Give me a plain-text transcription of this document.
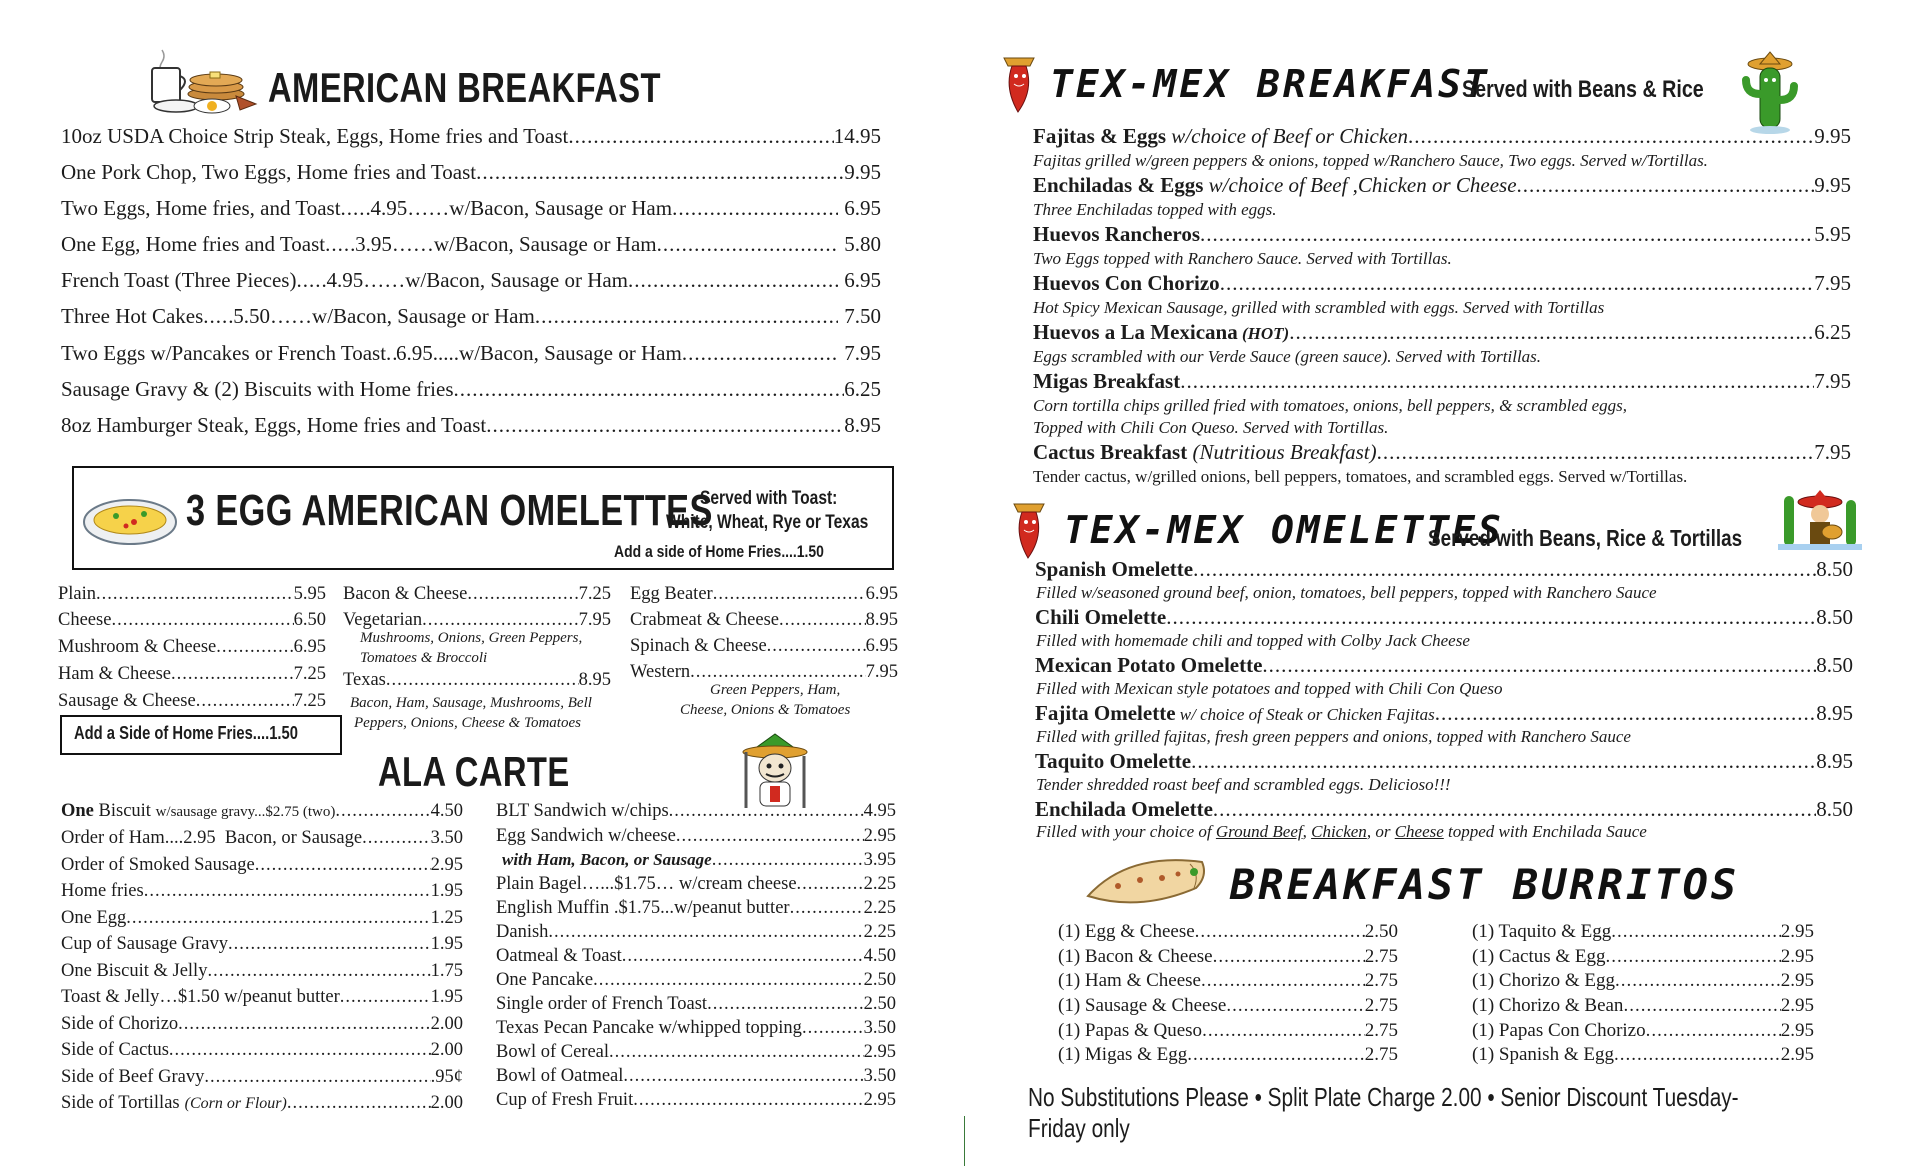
AMERICAN BREAKFAST
10oz USDA Choice Strip Steak, Eggs, Home fries and Toast .....	14.95
One Pork Chop, Two Eggs, Home fries and Toast .....	9.95
Two Eggs, Home fries, and Toast ..... 4.95……w/Bacon, Sausage or Ham .....	6.95
One Egg, Home fries and Toast ..... 3.95……w/Bacon, Sausage or Ham .....	5.80
French Toast (Three Pieces) ..... 4.95……w/Bacon, Sausage or Ham .....	6.95
Three Hot Cakes ..... 5.50……w/Bacon, Sausage or Ham .....	7.50
Two Eggs w/Pancakes or French Toast ..... 6.95.....w/Bacon, Sausage or Ham .....	7.95
Sausage Gravy & (2) Biscuits with Home fries .....	6.25
8oz Hamburger Steak, Eggs, Home fries and Toast .....	8.95
3 EGG AMERICAN OMELETTES
Served with Toast:
White, Wheat, Rye or Texas
Add a side of Home Fries....1.50
Plain .....	5.95
Cheese .....	6.50
Mushroom & Cheese .....	6.95
Ham & Cheese .....	7.25
Sausage & Cheese .....	7.25
Bacon & Cheese .....	7.25
Vegetarian .....	7.95
Texas .....	8.95
Egg Beater .....	6.95
Crabmeat & Cheese .....	8.95
Spinach & Cheese .....	6.95
Western .....	7.95
Mushrooms, Onions, Green Peppers,
Tomatoes & Broccoli
Bacon, Ham, Sausage, Mushrooms, Bell
Peppers, Onions, Cheese & Tomatoes
Green Peppers, Ham,
Cheese, Onions & Tomatoes
Add a Side of Home Fries....1.50
ALA CARTE
One Biscuit w/sausage gravy...$2.75 (two) .....	4.50
Order of Ham....2.95  Bacon, or Sausage .....	3.50
Order of Smoked Sausage .....	2.95
Home fries .....	1.95
One Egg .....	1.25
Cup of Sausage Gravy .....	1.95
One Biscuit & Jelly .....	1.75
Toast & Jelly…$1.50 w/peanut butter .....	1.95
Side of Chorizo .....	2.00
Side of Cactus .....	2.00
Side of Beef Gravy .....	.95¢
Side of Tortillas (Corn or Flour) .....	2.00
BLT Sandwich w/chips .....	4.95
Egg Sandwich w/cheese .....	2.95
with Ham, Bacon, or Sausage .....	3.95
Plain Bagel…...$1.75… w/cream cheese .....	2.25
English Muffin .$1.75...w/peanut butter .....	2.25
Danish .....	2.25
Oatmeal & Toast .....	4.50
One Pancake .....	2.50
Single order of French Toast .....	2.50
Texas Pecan Pancake w/whipped topping .....	3.50
Bowl of Cereal .....	2.95
Bowl of Oatmeal .....	3.50
Cup of Fresh Fruit .....	2.95
TEX-MEX BREAKFAST
Served with Beans & Rice
Fajitas & Eggs w/choice of Beef or Chicken .....	9.95
Fajitas grilled w/green peppers & onions, topped w/Ranchero Sauce, Two eggs. Served w/Tortillas.
Enchiladas & Eggs w/choice of Beef ,Chicken or Cheese .....	9.95
Three Enchiladas topped with eggs.
Huevos Rancheros .....	5.95
Two Eggs topped with Ranchero Sauce. Served with Tortillas.
Huevos Con Chorizo .....	7.95
Hot Spicy Mexican Sausage, grilled with scrambled with eggs. Served with Tortillas
Huevos a La Mexicana (HOT) .....	6.25
Eggs scrambled with our Verde Sauce (green sauce). Served with Tortillas.
Migas Breakfast .....	7.95
Corn tortilla chips grilled fried with tomatoes, onions, bell peppers, & scrambled eggs,
Topped with Chili Con Queso. Served with Tortillas.
Cactus Breakfast (Nutritious Breakfast) .....	7.95
Tender cactus, w/grilled onions, bell peppers, tomatoes, and scrambled eggs. Served w/Tortillas.
TEX-MEX OMELETTES
Served with Beans, Rice & Tortillas
Spanish Omelette .....	8.50
Filled w/seasoned ground beef, onion, tomatoes, bell peppers, topped with Ranchero Sauce
Chili Omelette .....	8.50
Filled with homemade chili and topped with Colby Jack Cheese
Mexican Potato Omelette .....	8.50
Filled with Mexican style potatoes and topped with Chili Con Queso
Fajita Omelette w/ choice of Steak or Chicken Fajitas .....	8.95
Filled with grilled fajitas, fresh green peppers and onions, topped with Ranchero Sauce
Taquito Omelette .....	8.95
Tender shredded roast beef and scrambled eggs. Delicioso!!!
Enchilada Omelette .....	8.50
Filled with your choice of Ground Beef, Chicken, or Cheese topped with Enchilada Sauce
BREAKFAST BURRITOS
(1) Egg & Cheese .....	2.50
(1) Bacon & Cheese .....	2.75
(1) Ham & Cheese .....	2.75
(1) Sausage & Cheese .....	2.75
(1) Papas & Queso .....	2.75
(1) Migas & Egg .....	2.75
(1) Taquito & Egg .....	2.95
(1) Cactus & Egg .....	2.95
(1) Chorizo & Egg .....	2.95
(1) Chorizo & Bean .....	2.95
(1) Papas Con Chorizo .....	2.95
(1) Spanish & Egg .....	2.95
No Substitutions Please • Split Plate Charge 2.00 • Senior Discount Tuesday-Friday only
